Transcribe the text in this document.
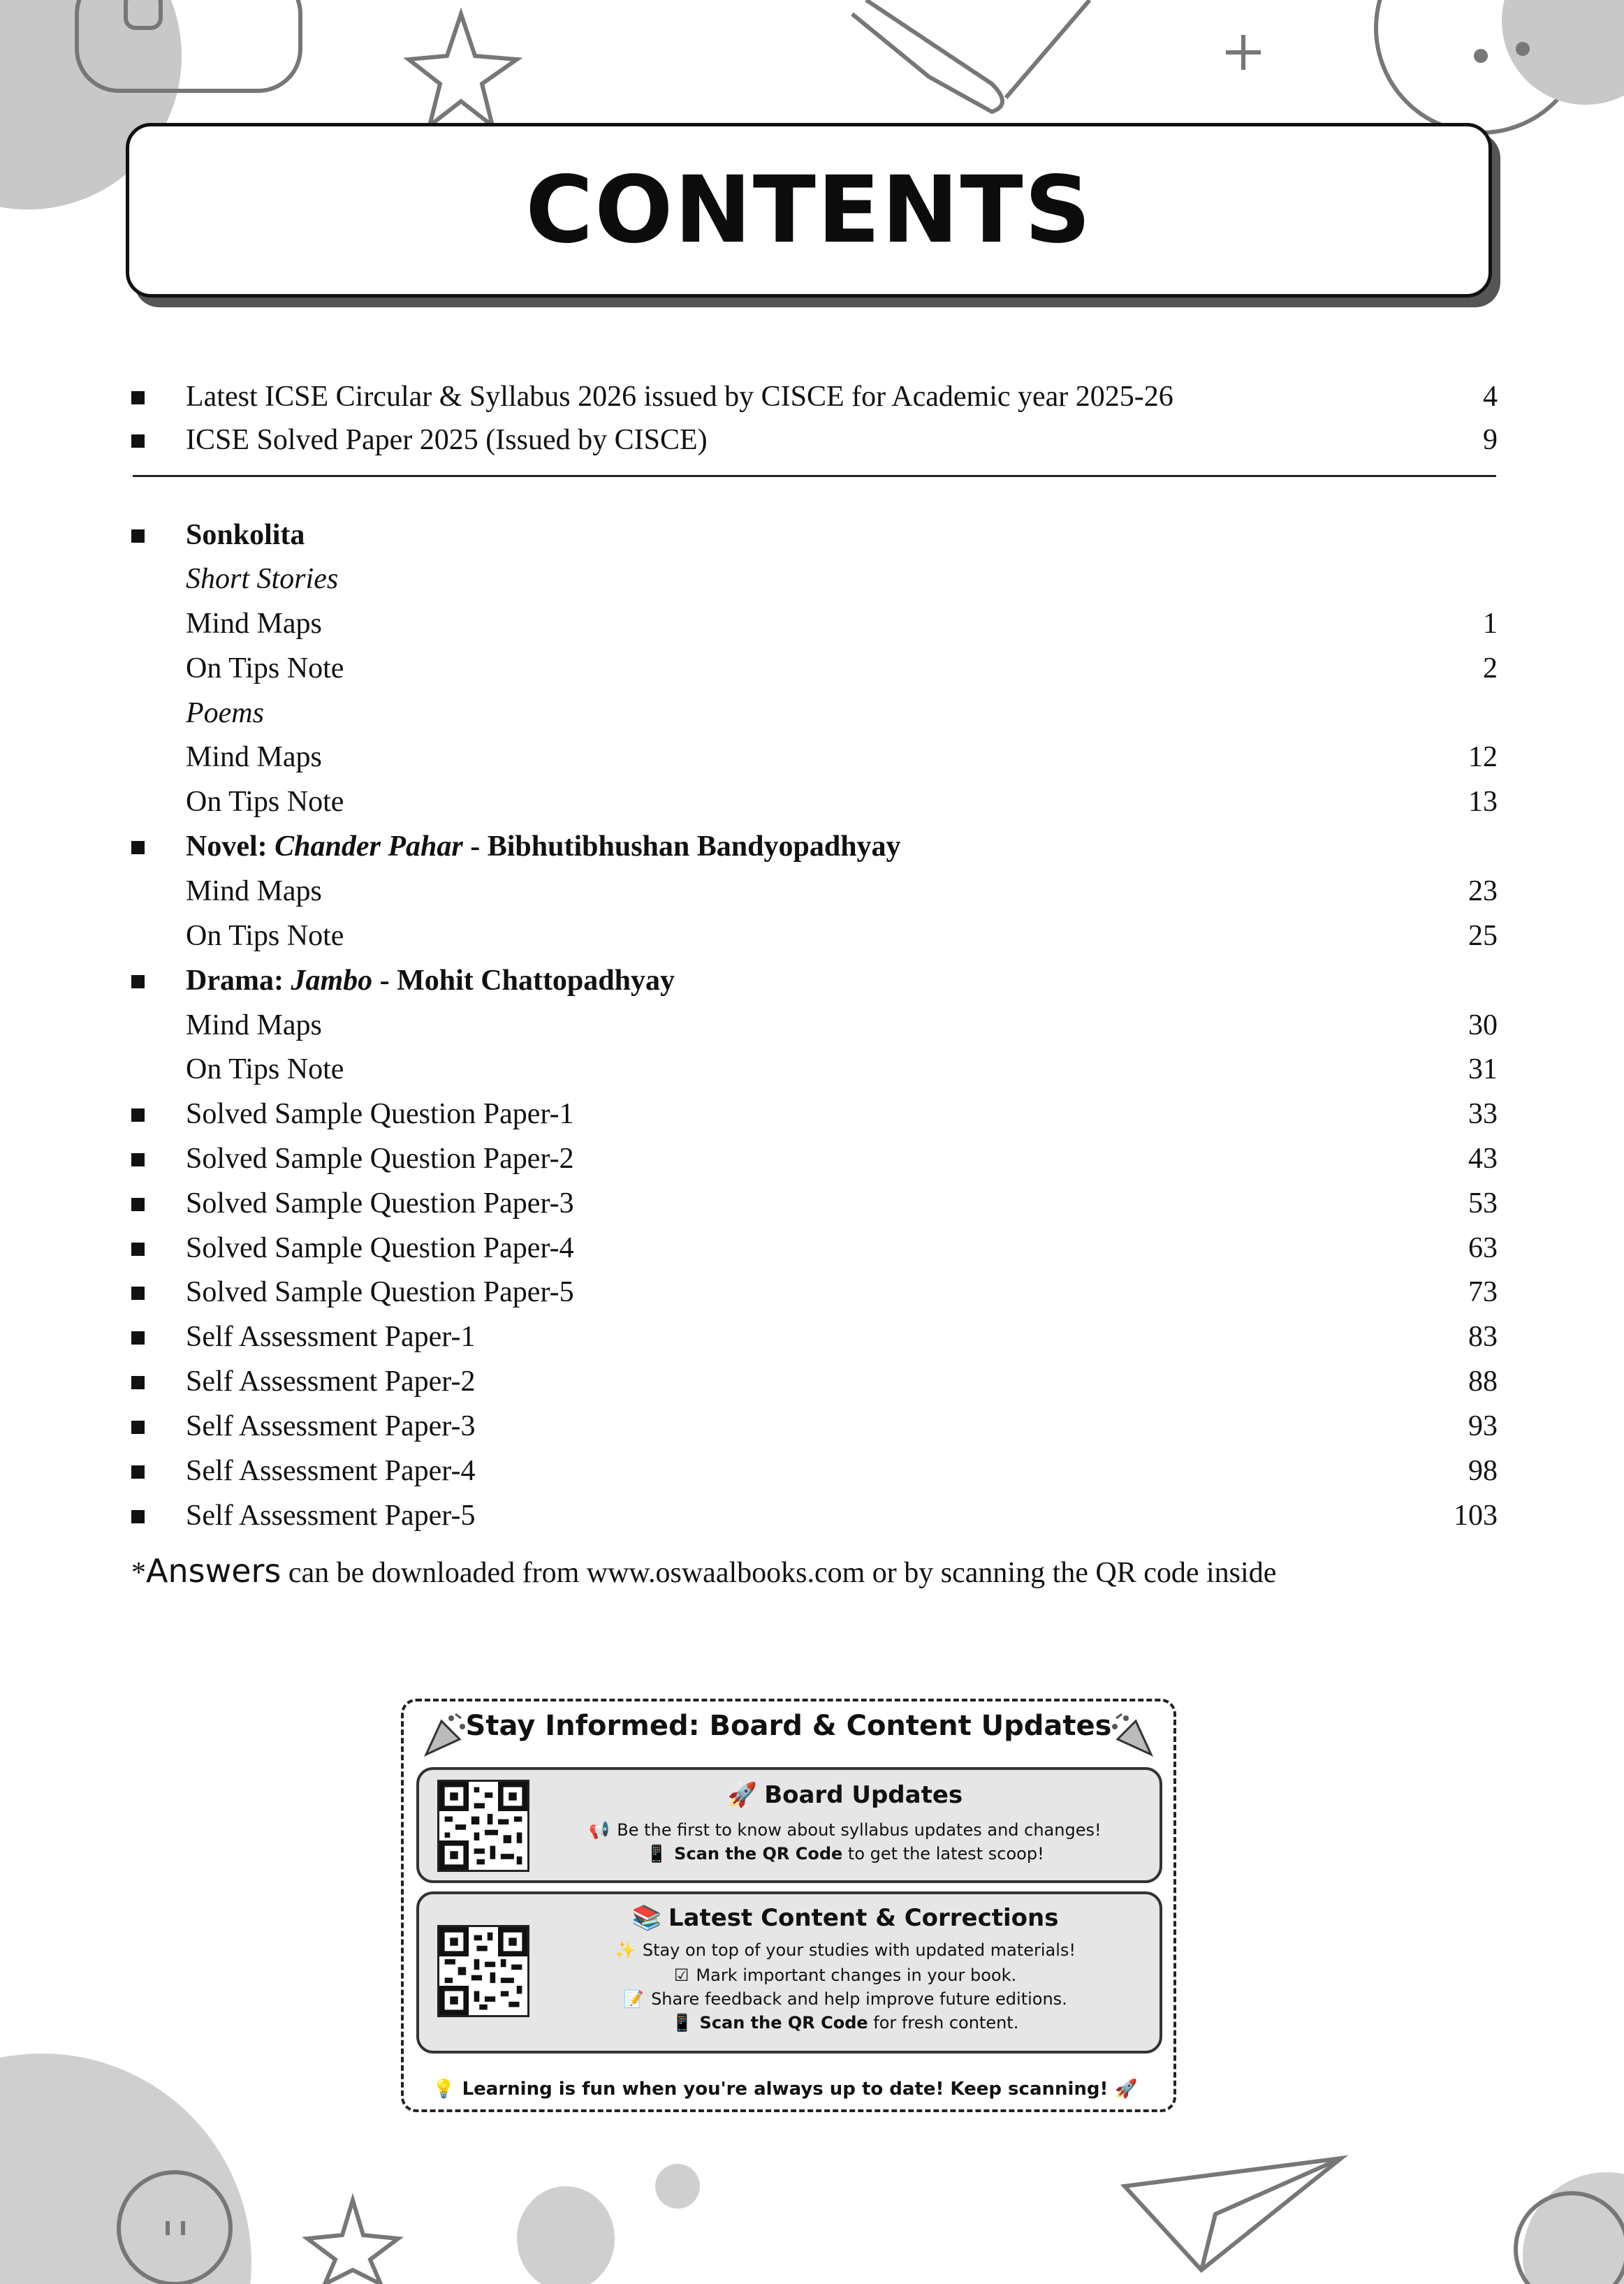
CONTENTS
Latest ICSE Circular & Syllabus 2026 issued by CISCE for Academic year 2025-26	4
ICSE Solved Paper 2025 (Issued by CISCE)	9
Sonkolita
Short Stories
Mind Maps	1
On Tips Note	2
Poems
Mind Maps	12
On Tips Note	13
Novel: Chander Pahar - Bibhutibhushan Bandyopadhyay
Mind Maps	23
On Tips Note	25
Drama: Jambo - Mohit Chattopadhyay
Mind Maps	30
On Tips Note	31
Solved Sample Question Paper-1	33
Solved Sample Question Paper-2	43
Solved Sample Question Paper-3	53
Solved Sample Question Paper-4	63
Solved Sample Question Paper-5	73
Self Assessment Paper-1	83
Self Assessment Paper-2	88
Self Assessment Paper-3	93
Self Assessment Paper-4	98
Self Assessment Paper-5	103
*Answers can be downloaded from www.oswaalbooks.com or by scanning the QR code inside
Stay Informed: Board & Content Updates
🚀 Board Updates
📢 Be the first to know about syllabus updates and changes!
📱 Scan the QR Code to get the latest scoop!
📚 Latest Content & Corrections
✨ Stay on top of your studies with updated materials!
☑ Mark important changes in your book.
📝 Share feedback and help improve future editions.
📱 Scan the QR Code for fresh content.
💡 Learning is fun when you're always up to date! Keep scanning! 🚀
